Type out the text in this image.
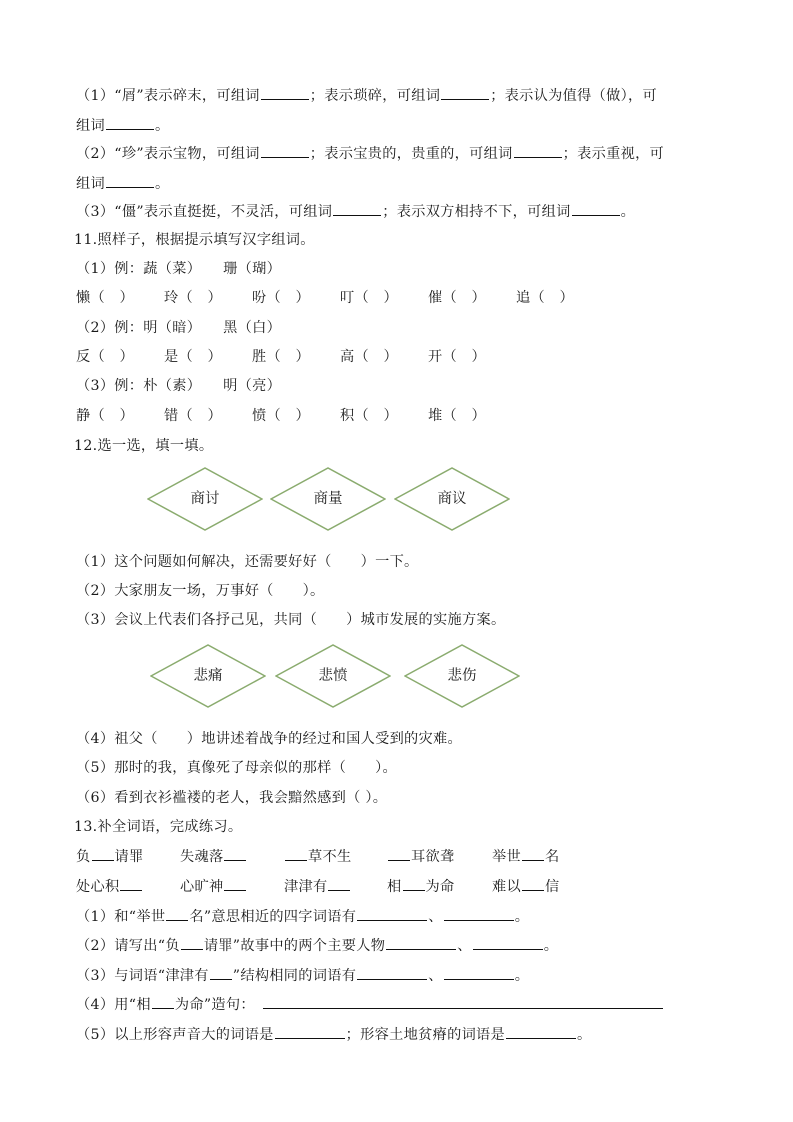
（1）“屑”表示碎末，可组词	；表示琐碎，可组词	；表示认为值得（做），可
组词	。
（2）“珍”表示宝物，可组词	；表示宝贵的，贵重的，可组词	；表示重视，可
组词	。
（3）“僵”表示直挺挺，不灵活，可组词	；表示双方相持不下，可组词	。
11.照样子，根据提示填写汉字组词。
（1）例：蔬（菜）　　珊（瑚）
懒（　） 玲（　） 吩（　） 叮（　） 催（　） 追（　）
（2）例：明（暗）　　黑（白）
反（　） 是（　） 胜（　） 高（　） 开（　）
（3）例：朴（素）　　明（亮）
静（　） 错（　） 愤（　） 积（　） 堆（　）
12.选一选，填一填。
商讨	商量	商议
（1）这个问题如何解决，还需要好好（　　）一下。
（2）大家朋友一场，万事好（　　）。
（3）会议上代表们各抒己见，共同（　　）城市发展的实施方案。
悲痛	悲愤	悲伤
（4）祖父（　　）地讲述着战争的经过和国人受到的灾难。
（5）那时的我，真像死了母亲似的那样（　　）。
（6）看到衣衫褴褛的老人，我会黯然感到（ ）。
13.补全词语，完成练习。
负 请罪	失魂落	草不生	耳欲聋	举世 名
处心积	心旷神	津津有	相 为命	难以 信
（1）和“举世 名”意思相近的四字词语有	、	。
（2）请写出“负 请罪”故事中的两个主要人物	、	。
（3）与词语“津津有 ”结构相同的词语有	、	。
（4）用“相 为命”造句：
（5）以上形容声音大的词语是	；形容土地贫瘠的词语是	。
